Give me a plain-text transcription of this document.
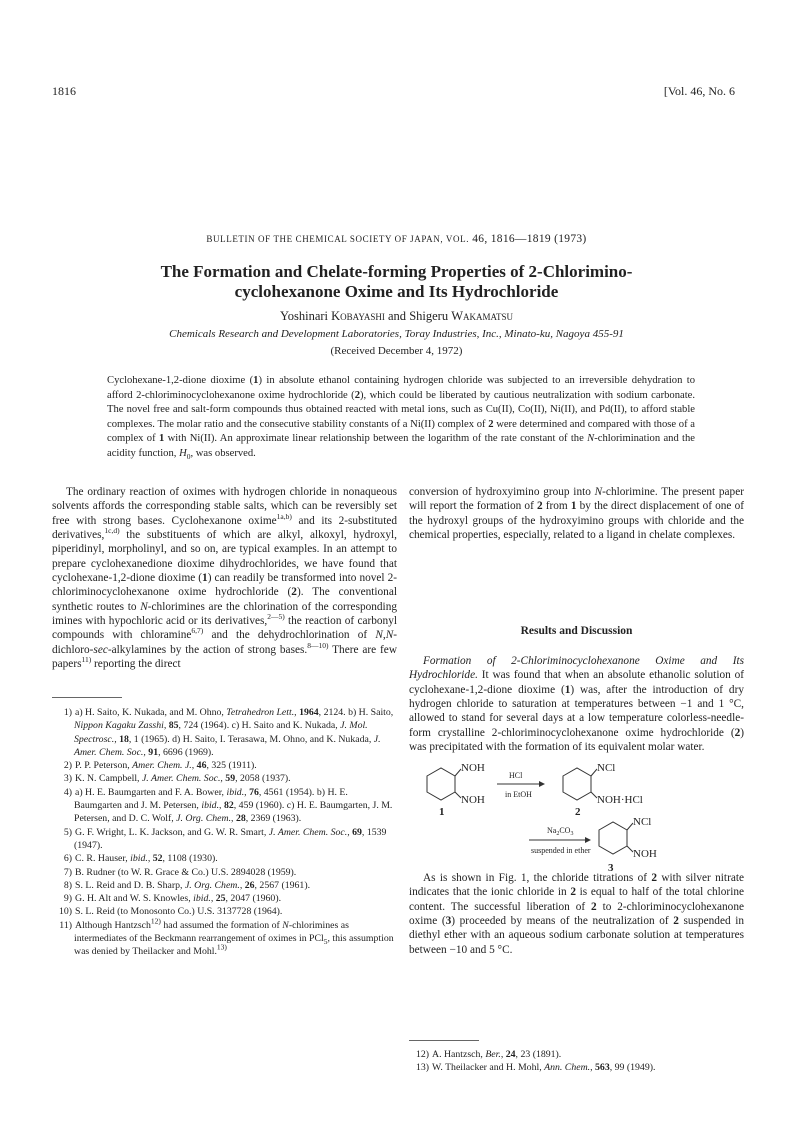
1816	[Vol. 46, No. 6
BULLETIN OF THE CHEMICAL SOCIETY OF JAPAN, VOL. 46, 1816—1819 (1973)
The Formation and Chelate-forming Properties of 2-Chlorimino-
cyclohexanone Oxime and Its Hydrochloride
Yoshinari Kobayashi and Shigeru Wakamatsu
Chemicals Research and Development Laboratories, Toray Industries, Inc., Minato-ku, Nagoya 455-91
(Received December 4, 1972)
Cyclohexane-1,2-dione dioxime (1) in absolute ethanol containing hydrogen chloride was subjected to an irreversible dehydration to afford 2-chloriminocyclohexanone oxime hydrochloride (2), which could be liberated by cautious neutralization with sodium carbonate. The novel free and salt-form compounds thus obtained reacted with metal ions, such as Cu(II), Co(II), Ni(II), and Pd(II), to afford stable complexes. The molar ratio and the consecutive stability constants of a Ni(II) complex of 2 were determined and compared with those of a complex of 1 with Ni(II). An approximate linear relationship between the logarithm of the rate constant of the N-chlorimination and the acidity function, $H_0$, was observed.

The ordinary reaction of oximes with hydrogen chloride in nonaqueous solvents affords the corresponding stable salts, which can be reversibly set free with strong bases. Cyclohexanone oxime$^{1a,b)}$ and its 2-substituted derivatives,$^{1c,d)}$ the substituents of which are alkyl, alkoxyl, hydroxyl, piperidinyl, morpholinyl, and so on, are typical examples. In an attempt to prepare cyclohexanedione dioxime dihydrochlorides, we have found that cyclohexane-1,2-dione dioxime (1) can readily be transformed into novel 2-chloriminocyclohexanone oxime hydrochloride (2). The conventional synthetic routes to N-chlorimines are the chlorination of the corresponding imines with hypochloric acid or its derivatives,$^{2—5)}$ the reaction of carbonyl compounds with chloramine$^{6,7)}$ and the dehydrochlorination of N,N-dichloro-sec-alkylamines by the action of strong bases.$^{8—10)}$ There are few papers$^{11)}$ reporting the direct

1) a) H. Saito, K. Nukada, and M. Ohno, Tetrahedron Lett., 1964, 2124. b) H. Saito, Nippon Kagaku Zasshi, 85, 724 (1964). c) H. Saito and K. Nukada, J. Mol. Spectrosc., 18, 1 (1965). d) H. Saito, I. Terasawa, M. Ohno, and K. Nukada, J. Amer. Chem. Soc., 91, 6696 (1969).
2) P. P. Peterson, Amer. Chem. J., 46, 325 (1911).
3) K. N. Campbell, J. Amer. Chem. Soc., 59, 2058 (1937).
4) a) H. E. Baumgarten and F. A. Bower, ibid., 76, 4561 (1954). b) H. E. Baumgarten and J. M. Petersen, ibid., 82, 459 (1960). c) H. E. Baumgarten, J. M. Petersen, and D. C. Wolf, J. Org. Chem., 28, 2369 (1963).
5) G. F. Wright, L. K. Jackson, and G. W. R. Smart, J. Amer. Chem. Soc., 69, 1539 (1947).
6) C. R. Hauser, ibid., 52, 1108 (1930).
7) B. Rudner (to W. R. Grace & Co.) U.S. 2894028 (1959).
8) S. L. Reid and D. B. Sharp, J. Org. Chem., 26, 2567 (1961).
9) G. H. Alt and W. S. Knowles, ibid., 25, 2047 (1960).
10) S. L. Reid (to Monosonto Co.) U.S. 3137728 (1964).
11) Although Hantzsch$^{12)}$ had assumed the formation of N-chlorimines as intermediates of the Beckmann rearrangement of oximes in PCl$_5$, this assumption was denied by Theilacker and Mohl.$^{13)}$

conversion of hydroxyimino group into N-chlorimine. The present paper will report the formation of 2 from 1 by the direct displacement of one of the hydroxyl groups of the hydroxyimino groups with chloride and the chemical properties, especially, related to a ligand in chelate complexes.

Results and Discussion

Formation of 2-Chloriminocyclohexanone Oxime and Its Hydrochloride. It was found that when an absolute ethanolic solution of cyclohexane-1,2-dione dioxime (1) was, after the introduction of dry hydrogen chloride to saturation at temperatures between −1 and 1 °C, allowed to stand for several days at a low temperature colorless-needle-form crystalline 2-chloriminocyclohexanone oxime hydrochloride (2) was precipitated with the formation of its equivalent molar water.

NOH
NOH
1
HCl
in EtOH
NCl
NOH·HCl
2
$Na_2CO_3$
suspended in ether
NCl
NOH
3

As is shown in Fig. 1, the chloride titrations of 2 with silver nitrate indicates that the ionic chloride in 2 is equal to half of the total chlorine content. The successful liberation of 2 to 2-chloriminocyclohexanone oxime (3) proceeded by means of the neutralization of 2 suspended in diethyl ether with an aqueous sodium carbonate solution at temperatures between −10 and 5 °C.

12) A. Hantzsch, Ber., 24, 23 (1891).
13) W. Theilacker and H. Mohl, Ann. Chem., 563, 99 (1949).
